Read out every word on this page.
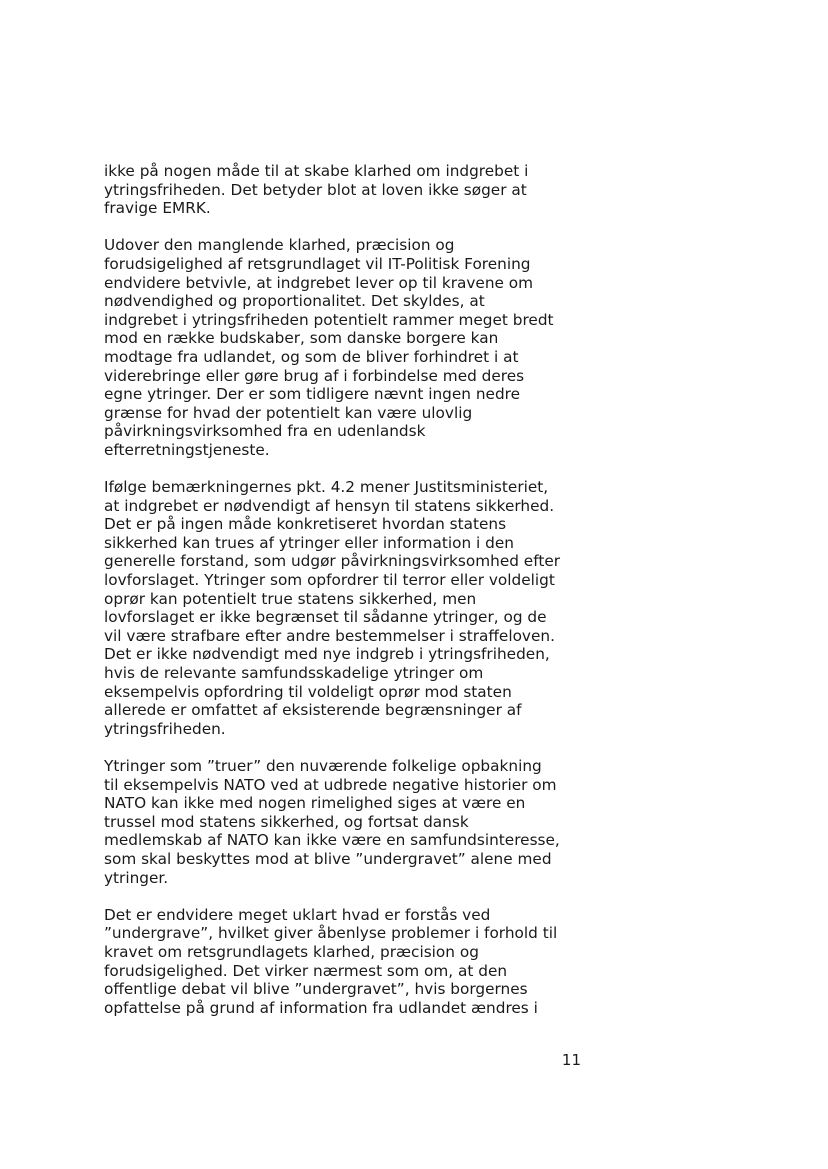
ikke på nogen måde til at skabe klarhed om indgrebet i
ytringsfriheden. Det betyder blot at loven ikke søger at
fravige EMRK.

Udover den manglende klarhed, præcision og
forudsigelighed af retsgrundlaget vil IT-Politisk Forening
endvidere betvivle, at indgrebet lever op til kravene om
nødvendighed og proportionalitet. Det skyldes, at
indgrebet i ytringsfriheden potentielt rammer meget bredt
mod en række budskaber, som danske borgere kan
modtage fra udlandet, og som de bliver forhindret i at
viderebringe eller gøre brug af i forbindelse med deres
egne ytringer. Der er som tidligere nævnt ingen nedre
grænse for hvad der potentielt kan være ulovlig
påvirkningsvirksomhed fra en udenlandsk
efterretningstjeneste.

Ifølge bemærkningernes pkt. 4.2 mener Justitsministeriet,
at indgrebet er nødvendigt af hensyn til statens sikkerhed.
Det er på ingen måde konkretiseret hvordan statens
sikkerhed kan trues af ytringer eller information i den
generelle forstand, som udgør påvirkningsvirksomhed efter
lovforslaget. Ytringer som opfordrer til terror eller voldeligt
oprør kan potentielt true statens sikkerhed, men
lovforslaget er ikke begrænset til sådanne ytringer, og de
vil være strafbare efter andre bestemmelser i straffeloven.
Det er ikke nødvendigt med nye indgreb i ytringsfriheden,
hvis de relevante samfundsskadelige ytringer om
eksempelvis opfordring til voldeligt oprør mod staten
allerede er omfattet af eksisterende begrænsninger af
ytringsfriheden.

Ytringer som ”truer” den nuværende folkelige opbakning
til eksempelvis NATO ved at udbrede negative historier om
NATO kan ikke med nogen rimelighed siges at være en
trussel mod statens sikkerhed, og fortsat dansk
medlemskab af NATO kan ikke være en samfundsinteresse,
som skal beskyttes mod at blive ”undergravet” alene med
ytringer.

Det er endvidere meget uklart hvad er forstås ved
”undergrave”, hvilket giver åbenlyse problemer i forhold til
kravet om retsgrundlagets klarhed, præcision og
forudsigelighed. Det virker nærmest som om, at den
offentlige debat vil blive ”undergravet”, hvis borgernes
opfattelse på grund af information fra udlandet ændres i

11
